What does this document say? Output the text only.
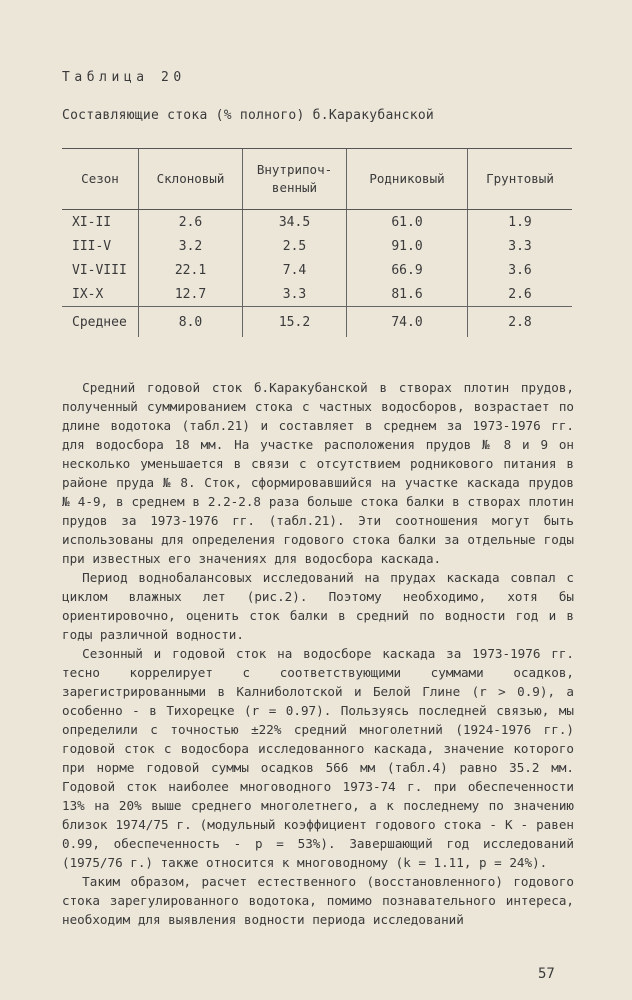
Таблица 20
Составляющие стока (% полного) б.Каракубанской
Сезон	Склоновый	Внутрипоч- венный	Родниковый	Грунтовый
XI-II	2.6	34.5	61.0	1.9
III-V	3.2	2.5	91.0	3.3
VI-VIII	22.1	7.4	66.9	3.6
IX-X	12.7	3.3	81.6	2.6
Среднее	8.0	15.2	74.0	2.8

Средний годовой сток б.Каракубанской в створах плотин прудов, полученный суммированием стока с частных водосборов, возрастает по длине водотока (табл.21) и составляет в среднем за 1973-1976 гг. для водосбора 18 мм. На участке расположения прудов № 8 и 9 он несколько уменьшается в связи с отсутствием родникового питания в районе пруда № 8. Сток, сформировавшийся на участке каскада прудов № 4-9, в среднем в 2.2-2.8 раза больше стока балки в створах плотин прудов за 1973-1976 гг. (табл.21). Эти соотношения могут быть использованы для определения годового стока балки за отдельные годы при известных его значениях для водосбора каскада.

Период воднобалансовых исследований на прудах каскада совпал с циклом влажных лет (рис.2). Поэтому необходимо, хотя бы ориентировочно, оценить сток балки в средний по водности год и в годы различной водности.

Сезонный и годовой сток на водосборе каскада за 1973-1976 гг. тесно коррелирует с соответствующими суммами осадков, зарегистрированными в Калниболотской и Белой Глине (r > 0.9), а особенно - в Тихорецке (r = 0.97). Пользуясь последней связью, мы определили с точностью ±22% средний многолетний (1924-1976 гг.) годовой сток с водосбора исследованного каскада, значение которого при норме годовой суммы осадков 566 мм (табл.4) равно 35.2 мм. Годовой сток наиболее многоводного 1973-74 г. при обеспеченности 13% на 20% выше среднего многолетнего, а к последнему по значению близок 1974/75 г. (модульный коэффициент годового стока - K - равен 0.99, обеспеченность - p = 53%). Завершающий год исследований (1975/76 г.) также относится к многоводному (k = 1.11, p = 24%).

Таким образом, расчет естественного (восстановленного) годового стока зарегулированного водотока, помимо познавательного интереса, необходим для выявления водности периода исследований

57
